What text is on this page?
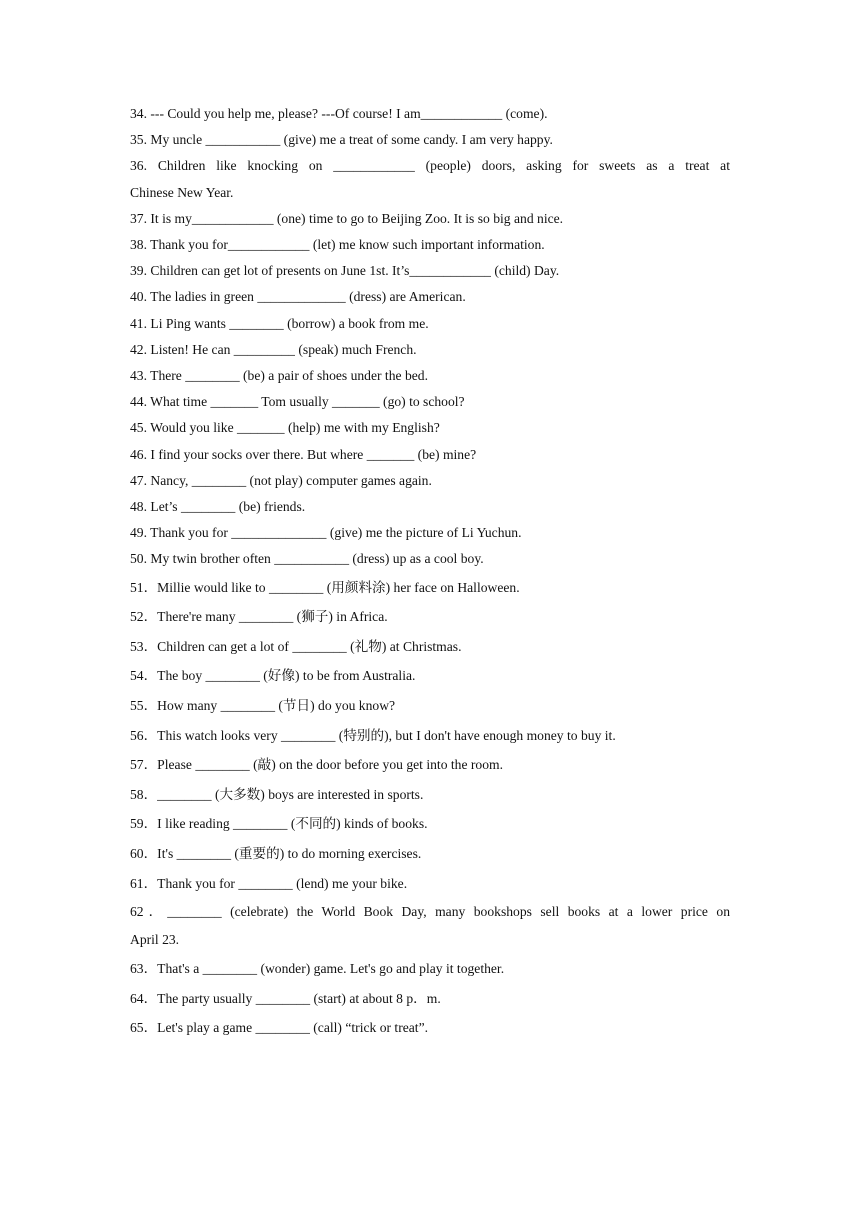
34. --- Could you help me, please? ---Of course! I am____________ (come).
35. My uncle ___________ (give) me a treat of some candy. I am very happy.
36. Children like knocking on ____________ (people) doors, asking for sweets as a treat at
Chinese New Year.
37. It is my____________ (one) time to go to Beijing Zoo. It is so big and nice.
38. Thank you for____________ (let) me know such important information.
39. Children can get lot of presents on June 1st. It’s____________ (child) Day.
40. The ladies in green _____________ (dress) are American.
41. Li Ping wants ________ (borrow) a book from me.
42. Listen! He can _________ (speak) much French.
43. There ________ (be) a pair of shoes under the bed.
44. What time _______ Tom usually _______ (go) to school?
45. Would you like _______ (help) me with my English?
46. I find your socks over there. But where _______ (be) mine?
47. Nancy, ________ (not play) computer games again.
48. Let’s ________ (be) friends.
49. Thank you for ______________ (give) me the picture of Li Yuchun.
50. My twin brother often ___________ (dress) up as a cool boy.
51．Millie would like to ________ (用颜料涂) her face on Halloween.
52．There're many ________ (狮子) in Africa.
53．Children can get a lot of ________ (礼物) at Christmas.
54．The boy ________ (好像) to be from Australia.
55．How many ________ (节日) do you know?
56．This watch looks very ________ (特别的), but I don't have enough money to buy it.
57．Please ________ (敲) on the door before you get into the room.
58．________ (大多数) boys are interested in sports.
59．I like reading ________ (不同的) kinds of books.
60．It's ________ (重要的) to do morning exercises.
61．Thank you for ________ (lend) me your bike.
62．________ (celebrate) the World Book Day, many bookshops sell books at a lower price on
April 23.
63．That's a ________ (wonder) game. Let's go and play it together.
64．The party usually ________ (start) at about 8 p．m.
65．Let's play a game ________ (call) “trick or treat”.
